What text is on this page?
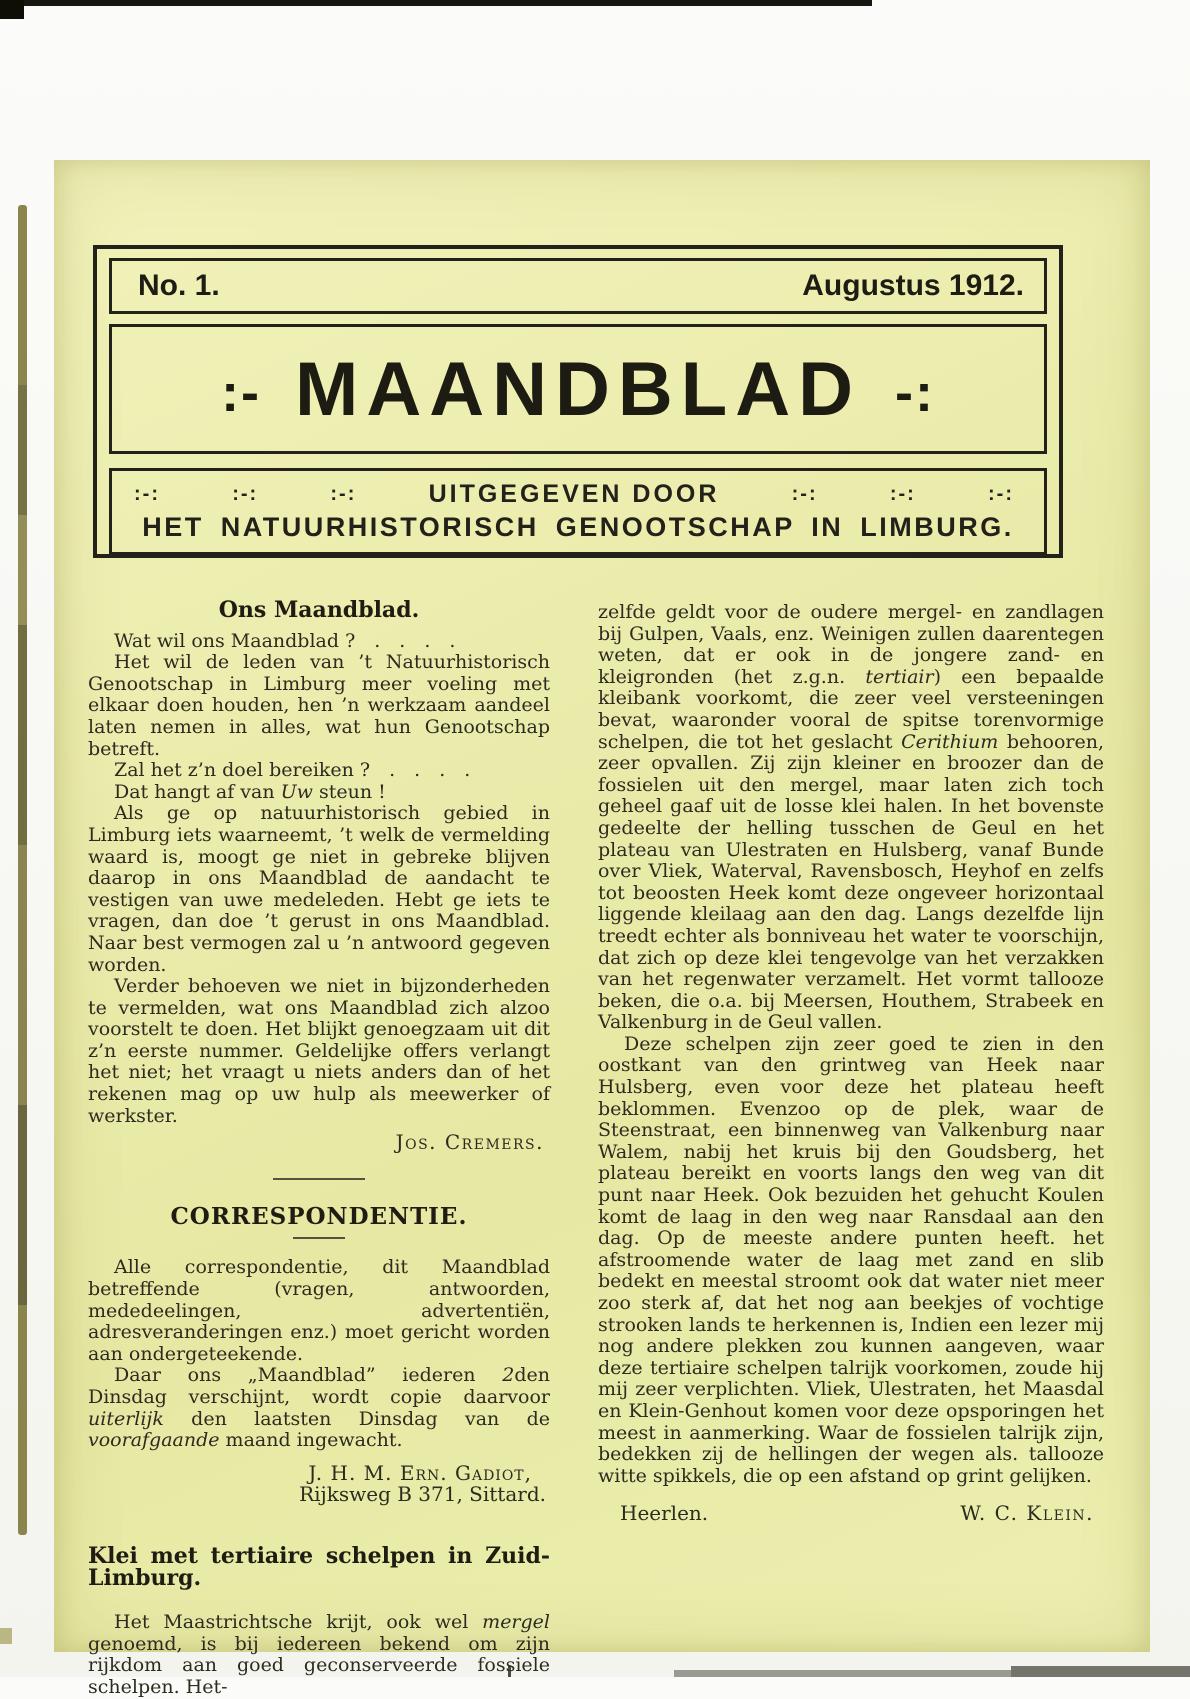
No. 1.	Augustus 1912.
:- MAANDBLAD -:
:-:	:-:	:-:	UITGEGEVEN DOOR	:-:	:-:	:-:
HET NATUURHISTORISCH GENOOTSCHAP IN LIMBURG.
Ons Maandblad.

Wat wil ons Maandblad ?  .  .  .  .

Het wil de leden van ’t Natuurhistorisch Genootschap in Limburg meer voeling met elkaar doen houden, hen ’n werkzaam aandeel laten nemen in alles, wat hun Genootschap betreft.

Zal het z’n doel bereiken ?  .  .  .  .

Dat hangt af van Uw steun !

Als ge op natuurhistorisch gebied in Limburg iets waarneemt, ’t welk de vermelding waard is, moogt ge niet in gebreke blijven daarop in ons Maandblad de aandacht te vestigen van uwe medeleden. Hebt ge iets te vragen, dan doe ’t gerust in ons Maandblad. Naar best vermogen zal u ’n antwoord gegeven worden.

Verder behoeven we niet in bijzonderheden te vermelden, wat ons Maandblad zich alzoo voorstelt te doen. Het blijkt genoegzaam uit dit z’n eerste nummer. Geldelijke offers verlangt het niet; het vraagt u niets anders dan of het rekenen mag op uw hulp als meewerker of werkster.

Jos. Cremers.
CORRESPONDENTIE.

Alle correspondentie, dit Maandblad betreffende (vragen, antwoorden, mededeelingen, advertentiën, adresveranderingen enz.) moet gericht worden aan ondergeteekende.

Daar ons „Maandblad” iederen 2den Dinsdag verschijnt, wordt copie daarvoor uiterlijk den laatsten Dinsdag van de voorafgaande maand ingewacht.

J. H. M. Ern. Gadiot,
Rijksweg B 371, Sittard.
Klei met tertiaire schelpen in Zuid-Limburg.

Het Maastrichtsche krijt, ook wel mergel genoemd, is bij iedereen bekend om zijn rijkdom aan goed geconserveerde fossiele schelpen. Het-

zelfde geldt voor de oudere mergel- en zandlagen bij Gulpen, Vaals, enz. Weinigen zullen daarentegen weten, dat er ook in de jongere zand- en kleigronden (het z.g.n. tertiair) een bepaalde kleibank voorkomt, die zeer veel versteeningen bevat, waaronder vooral de spitse torenvormige schelpen, die tot het geslacht Cerithium behooren, zeer opvallen. Zij zijn kleiner en broozer dan de fossielen uit den mergel, maar laten zich toch geheel gaaf uit de losse klei halen. In het bovenste gedeelte der helling tusschen de Geul en het plateau van Ulestraten en Hulsberg, vanaf Bunde over Vliek, Waterval, Ravensbosch, Heyhof en zelfs tot beoosten Heek komt deze ongeveer horizontaal liggende kleilaag aan den dag. Langs dezelfde lijn treedt echter als bonniveau het water te voorschijn, dat zich op deze klei tengevolge van het verzakken van het regenwater verzamelt. Het vormt tallooze beken, die o.a. bij Meersen, Houthem, Strabeek en Valkenburg in de Geul vallen.

Deze schelpen zijn zeer goed te zien in den oostkant van den grintweg van Heek naar Hulsberg, even voor deze het plateau heeft beklommen. Evenzoo op de plek, waar de Steenstraat, een binnenweg van Valkenburg naar Walem, nabij het kruis bij den Goudsberg, het plateau bereikt en voorts langs den weg van dit punt naar Heek. Ook bezuiden het gehucht Koulen komt de laag in den weg naar Ransdaal aan den dag. Op de meeste andere punten heeft. het afstroomende water de laag met zand en slib bedekt en meestal stroomt ook dat water niet meer zoo sterk af, dat het nog aan beekjes of vochtige strooken lands te herkennen is, Indien een lezer mij nog andere plekken zou kunnen aangeven, waar deze tertiaire schelpen talrijk voorkomen, zoude hij mij zeer verplichten. Vliek, Ulestraten, het Maasdal en Klein-Genhout komen voor deze opsporingen het meest in aanmerking. Waar de fossielen talrijk zijn, bedekken zij de hellingen der wegen als. tallooze witte spikkels, die op een afstand op grint gelijken.

Heerlen.	W. C. Klein.
